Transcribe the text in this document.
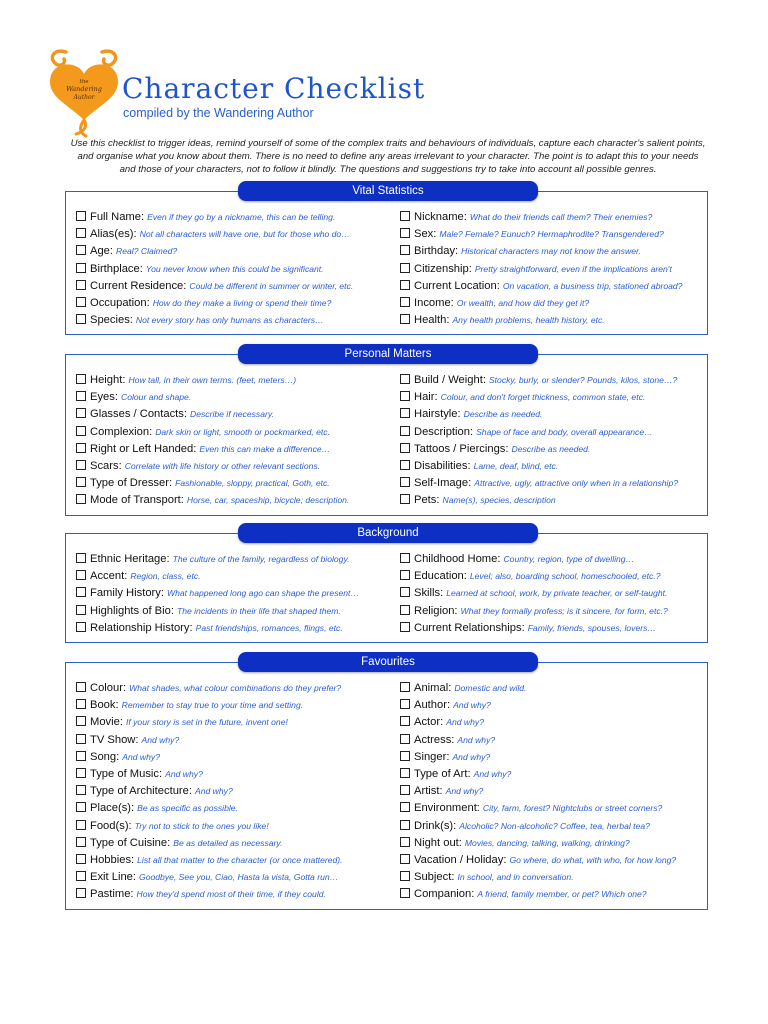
the
Wandering
Author Character Checklist
compiled by the Wandering Author

Use this checklist to trigger ideas, remind yourself of some of the complex traits and behaviours of individuals, capture each character’s salient points, and organise what you know about them. There is no need to define any areas irrelevant to your character. The point is to adapt this to your needs and those of your characters, not to follow it blindly. The questions and suggestions try to take into account all possible genres.

Vital Statistics
Full Name: Even if they go by a nickname, this can be telling.
Alias(es): Not all characters will have one, but for those who do…
Age: Real? Claimed?
Birthplace: You never know when this could be significant.
Current Residence: Could be different in summer or winter, etc.
Occupation: How do they make a living or spend their time?
Species: Not every story has only humans as characters…
Nickname: What do their friends call them? Their enemies?
Sex: Male? Female? Eunuch? Hermaphrodite? Transgendered?
Birthday: Historical characters may not know the answer.
Citizenship: Pretty straightforward, even if the implications aren't
Current Location: On vacation, a business trip, stationed abroad?
Income: Or wealth, and how did they get it?
Health: Any health problems, health history, etc.
Personal Matters
Height: How tall, in their own terms. (feet, meters…)
Eyes: Colour and shape.
Glasses / Contacts: Describe if necessary.
Complexion: Dark skin or light, smooth or pockmarked, etc.
Right or Left Handed: Even this can make a difference…
Scars: Correlate with life history or other relevant sections.
Type of Dresser: Fashionable, sloppy, practical, Goth, etc.
Mode of Transport: Horse, car, spaceship, bicycle; description.
Build / Weight: Stocky, burly, or slender? Pounds, kilos, stone…?
Hair: Colour, and don't forget thickness, common state, etc.
Hairstyle: Describe as needed.
Description: Shape of face and body, overall appearance…
Tattoos / Piercings: Describe as needed.
Disabilities: Lame, deaf, blind, etc.
Self-Image: Attractive, ugly, attractive only when in a relationship?
Pets: Name(s), species, description
Background
Ethnic Heritage: The culture of the family, regardless of biology.
Accent: Region, class, etc.
Family History: What happened long ago can shape the present…
Highlights of Bio: The incidents in their life that shaped them.
Relationship History: Past friendships, romances, flings, etc.
Childhood Home: Country, region, type of dwelling…
Education: Level; also, boarding school, homeschooled, etc.?
Skills: Learned at school, work, by private teacher, or self-taught.
Religion: What they formally profess; is it sincere, for form, etc.?
Current Relationships: Family, friends, spouses, lovers…
Favourites
Colour: What shades, what colour combinations do they prefer?
Book: Remember to stay true to your time and setting.
Movie: If your story is set in the future, invent one!
TV Show: And why?
Song: And why?
Type of Music: And why?
Type of Architecture: And why?
Place(s): Be as specific as possible.
Food(s): Try not to stick to the ones you like!
Type of Cuisine: Be as detailed as necessary.
Hobbies: List all that matter to the character (or once mattered).
Exit Line: Goodbye, See you, Ciao, Hasta la vista, Gotta run…
Pastime: How they'd spend most of their time, if they could.
Animal: Domestic and wild.
Author: And why?
Actor: And why?
Actress: And why?
Singer: And why?
Type of Art: And why?
Artist: And why?
Environment: City, farm, forest? Nightclubs or street corners?
Drink(s): Alcoholic? Non-alcoholic? Coffee, tea, herbal tea?
Night out: Movies, dancing, talking, walking, drinking?
Vacation / Holiday: Go where, do what, with who, for how long?
Subject: In school, and in conversation.
Companion: A friend, family member, or pet? Which one?
